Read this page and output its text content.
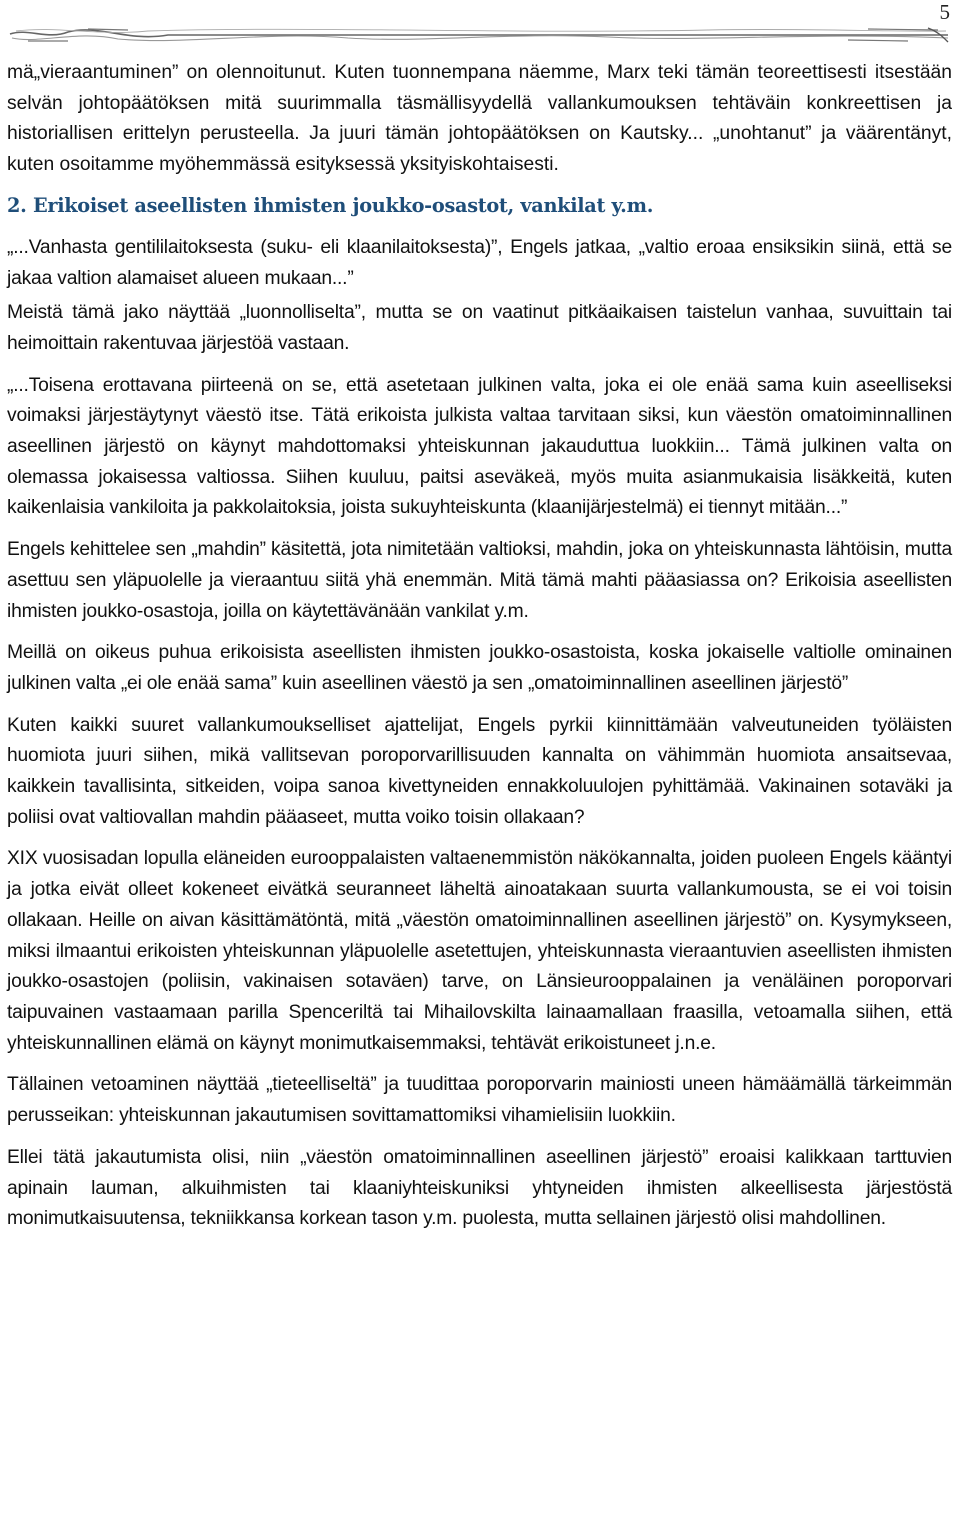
5

mä„vieraantuminen” on olennoitunut. Kuten tuonnempana näemme, Marx teki tämän teoreettisesti itsestään selvän johtopäätöksen mitä suurimmalla täsmällisyydellä vallankumouksen tehtäväin konkreettisen ja historiallisen erittelyn perusteella. Ja juuri tämän johtopäätöksen on Kautsky... „unohtanut” ja väärentänyt, kuten osoitamme myöhemmässä esityksessä yksityiskohtaisesti.

2. Erikoiset aseellisten ihmisten joukko-osastot, vankilat y.m.

„...Vanhasta gentililaitoksesta (suku- eli klaanilaitoksesta)”, Engels jatkaa, „valtio eroaa ensiksikin siinä, että se jakaa valtion alamaiset alueen mukaan...”

Meistä tämä jako näyttää „luonnolliselta”, mutta se on vaatinut pitkäaikaisen taistelun vanhaa, suvuittain tai heimoittain rakentuvaa järjestöä vastaan.

„...Toisena erottavana piirteenä on se, että asetetaan julkinen valta, joka ei ole enää sama kuin aseelliseksi voimaksi järjestäytynyt väestö itse. Tätä erikoista julkista valtaa tarvitaan siksi, kun väestön omatoiminnallinen aseellinen järjestö on käynyt mahdottomaksi yhteiskunnan jakauduttua luokkiin... Tämä julkinen valta on olemassa jokaisessa valtiossa. Siihen kuuluu, paitsi aseväkeä, myös muita asianmukaisia lisäkkeitä, kuten kaikenlaisia vankiloita ja pakkolaitoksia, joista sukuyhteiskunta (klaanijärjestelmä) ei tiennyt mitään...”

Engels kehittelee sen „mahdin” käsitettä, jota nimitetään valtioksi, mahdin, joka on yhteiskunnasta lähtöisin, mutta asettuu sen yläpuolelle ja vieraantuu siitä yhä enemmän. Mitä tämä mahti pääasiassa on? Erikoisia aseellisten ihmisten joukko-osastoja, joilla on käytettävänään vankilat y.m.

Meillä on oikeus puhua erikoisista aseellisten ihmisten joukko-osastoista, koska jokaiselle valtiolle ominainen julkinen valta „ei ole enää sama” kuin aseellinen väestö ja sen „omatoiminnallinen aseellinen järjestö”

Kuten kaikki suuret vallankumoukselliset ajattelijat, Engels pyrkii kiinnittämään valveutuneiden työläisten huomiota juuri siihen, mikä vallitsevan poroporvarillisuuden kannalta on vähimmän huomiota ansaitsevaa, kaikkein tavallisinta, sitkeiden, voipa sanoa kivettyneiden ennakkoluulojen pyhittämää. Vakinainen sotaväki ja poliisi ovat valtiovallan mahdin pääaseet, mutta voiko toisin ollakaan?

XIX vuosisadan lopulla eläneiden eurooppalaisten valtaenemmistön näkökannalta, joiden puoleen Engels kääntyi ja jotka eivät olleet kokeneet eivätkä seuranneet läheltä ainoatakaan suurta vallankumousta, se ei voi toisin ollakaan. Heille on aivan käsittämätöntä, mitä „väestön omatoiminnallinen aseellinen järjestö” on. Kysymykseen, miksi ilmaantui erikoisten yhteiskunnan yläpuolelle asetettujen, yhteiskunnasta vieraantuvien aseellisten ihmisten joukko-osastojen (poliisin, vakinaisen sotaväen) tarve, on Länsieurooppalainen ja venäläinen poroporvari taipuvainen vastaamaan parilla Spenceriltä tai Mihailovskilta lainaamallaan fraasilla, vetoamalla siihen, että yhteiskunnallinen elämä on käynyt monimutkaisemmaksi, tehtävät erikoistuneet j.n.e.

Tällainen vetoaminen näyttää „tieteelliseltä” ja tuudittaa poroporvarin mainiosti uneen hämäämällä tärkeimmän perusseikan: yhteiskunnan jakautumisen sovittamattomiksi vihamielisiin luokkiin.

Ellei tätä jakautumista olisi, niin „väestön omatoiminnallinen aseellinen järjestö” eroaisi kalikkaan tarttuvien apinain lauman, alkuihmisten tai klaaniyhteiskuniksi yhtyneiden ihmisten alkeellisesta järjestöstä monimutkaisuutensa, tekniikkansa korkean tason y.m. puolesta, mutta sellainen järjestö olisi mahdollinen.
